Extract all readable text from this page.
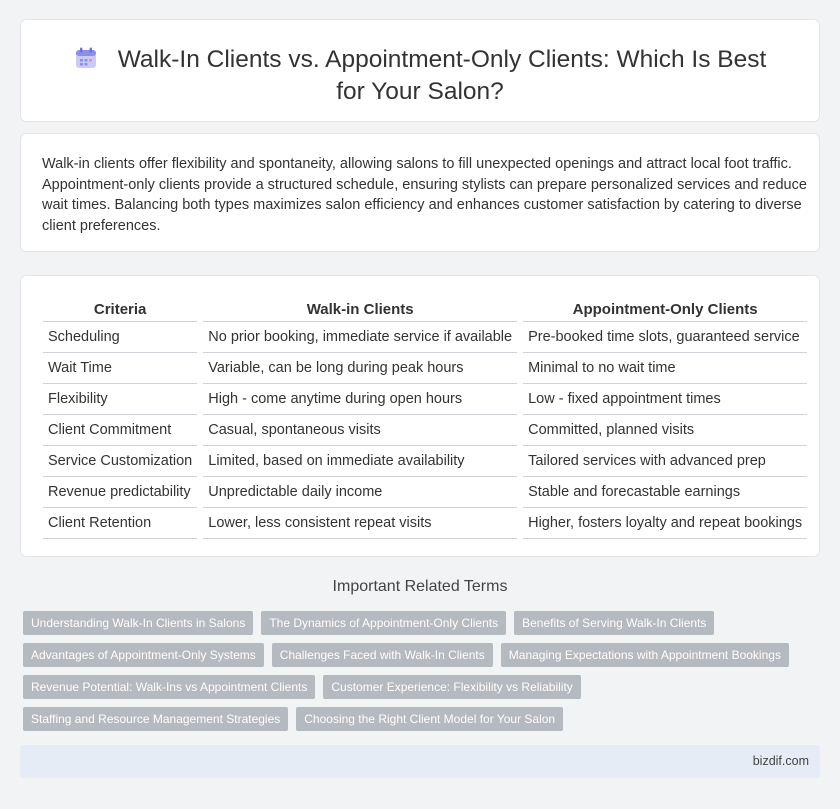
Walk-In Clients vs. Appointment-Only Clients: Which Is Best for Your Salon?

Walk-in clients offer flexibility and spontaneity, allowing salons to fill unexpected openings and attract local foot traffic. Appointment-only clients provide a structured schedule, ensuring stylists can prepare personalized services and reduce wait times. Balancing both types maximizes salon efficiency and enhances customer satisfaction by catering to diverse client preferences.

Criteria	Walk-in Clients	Appointment-Only Clients
Scheduling	No prior booking, immediate service if available	Pre-booked time slots, guaranteed service
Wait Time	Variable, can be long during peak hours	Minimal to no wait time
Flexibility	High - come anytime during open hours	Low - fixed appointment times
Client Commitment	Casual, spontaneous visits	Committed, planned visits
Service Customization	Limited, based on immediate availability	Tailored services with advanced prep
Revenue predictability	Unpredictable daily income	Stable and forecastable earnings
Client Retention	Lower, less consistent repeat visits	Higher, fosters loyalty and repeat bookings
Important Related Terms
Understanding Walk-In Clients in Salons	The Dynamics of Appointment-Only Clients	Benefits of Serving Walk-In Clients
Advantages of Appointment-Only Systems	Challenges Faced with Walk-In Clients	Managing Expectations with Appointment Bookings
Revenue Potential: Walk-Ins vs Appointment Clients	Customer Experience: Flexibility vs Reliability
Staffing and Resource Management Strategies	Choosing the Right Client Model for Your Salon
bizdif.com
